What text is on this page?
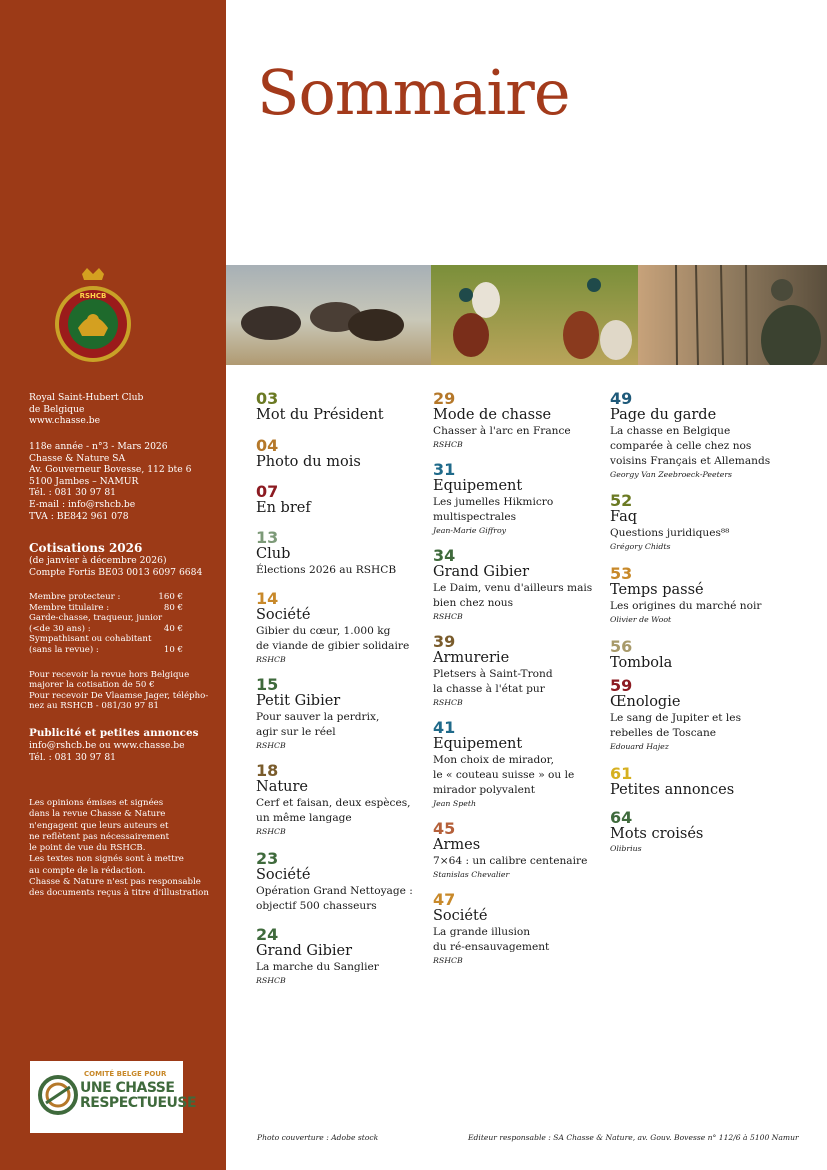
RSHCB
Royal Saint-Hubert Club
de Belgique
www.chasse.be
118e année - n°3 - Mars 2026
Chasse & Nature SA
Av. Gouverneur Bovesse, 112 bte 6
5100 Jambes – NAMUR
Tél. : 081 30 97 81
E-mail : info@rshcb.be
TVA : BE842 961 078
Cotisations 2026
(de janvier à décembre 2026)
Compte Fortis BE03 0013 6097 6684
Membre protecteur :	160 €
Membre titulaire :	80 €
Garde-chasse, traqueur, junior
(<de 30 ans) :	40 €
Sympathisant ou cohabitant
(sans la revue) :	10 €
Pour recevoir la revue hors Belgique
majorer la cotisation de 50 €
Pour recevoir De Vlaamse Jager, télépho-
nez au RSHCB - 081/30 97 81
Publicité et petites annonces
info@rshcb.be ou www.chasse.be
Tél. : 081 30 97 81
Les opinions émises et signées
dans la revue Chasse & Nature
n'engagent que leurs auteurs et
ne reflètent pas nécessairement
le point de vue du RSHCB.
Les textes non signés sont à mettre
au compte de la rédaction.
Chasse & Nature n'est pas responsable
des documents reçus à titre d'illustration
COMITÉ BELGE POUR
UNE CHASSE
RESPECTUEUSE
Sommaire
03
Mot du Président
04
Photo du mois
07
En bref
13
Club
Élections 2026 au RSHCB
14
Société
Gibier du cœur, 1.000 kg
de viande de gibier solidaire
RSHCB
15
Petit Gibier
Pour sauver la perdrix,
agir sur le réel
RSHCB
18
Nature
Cerf et faisan, deux espèces,
un même langage
RSHCB
23
Société
Opération Grand Nettoyage :
objectif 500 chasseurs
24
Grand Gibier
La marche du Sanglier
RSHCB
29
Mode de chasse
Chasser à l'arc en France
RSHCB
31
Equipement
Les jumelles Hikmicro
multispectrales
Jean-Marie Giffroy
34
Grand Gibier
Le Daim, venu d'ailleurs mais
bien chez nous
RSHCB
39
Armurerie
Pletsers à Saint-Trond
la chasse à l'état pur
RSHCB
41
Equipement
Mon choix de mirador,
le « couteau suisse » ou le
mirador polyvalent
Jean Speth
45
Armes
7×64 : un calibre centenaire
Stanislas Chevalier
47
Société
La grande illusion
du ré-ensauvagement
RSHCB
49
Page du garde
La chasse en Belgique
comparée à celle chez nos
voisins Français et Allemands
Georgy Van Zeebroeck-Peeters
52
Faq
Questions juridiques⁸⁸
Grégory Chidts
53
Temps passé
Les origines du marché noir
Olivier de Woot
56
Tombola
59
Œnologie
Le sang de Jupiter et les
rebelles de Toscane
Edouard Hajez
61
Petites annonces
64
Mots croisés
Olibrius
Photo couverture : Adobe stock	Editeur responsable : SA Chasse & Nature, av. Gouv. Bovesse n° 112/6 à 5100 Namur
